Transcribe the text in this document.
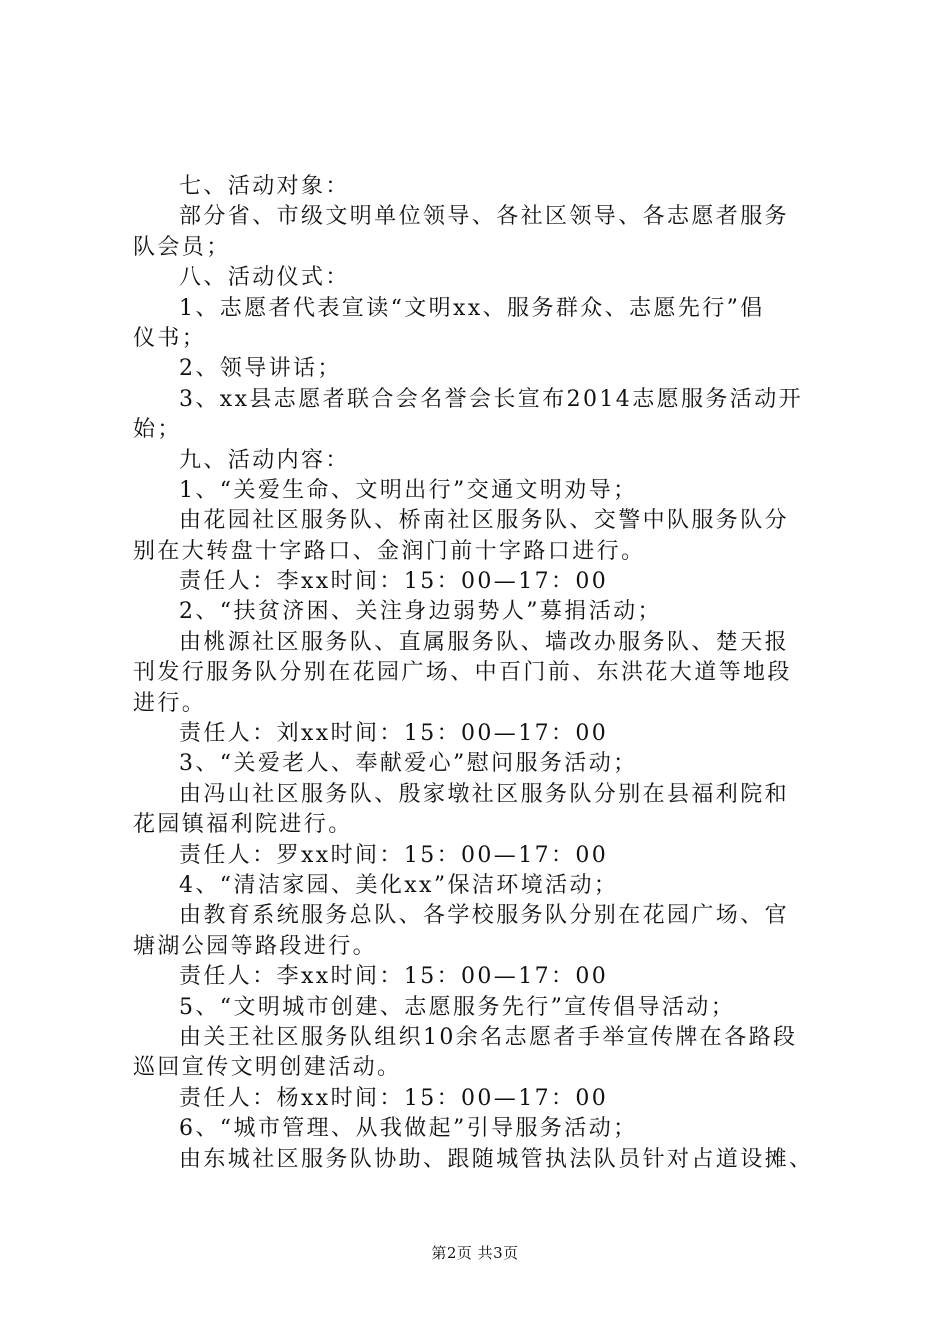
七、活动对象：
部分省、市级文明单位领导、各社区领导、各志愿者服务
队会员；
八、活动仪式：
1、志愿者代表宣读“文明xx、服务群众、志愿先行”倡
仪书；
2、领导讲话；
3、xx县志愿者联合会名誉会长宣布2014志愿服务活动开
始；
九、活动内容：
1、“关爱生命、文明出行”交通文明劝导；
由花园社区服务队、桥南社区服务队、交警中队服务队分
别在大转盘十字路口、金润门前十字路口进行。
责任人：李xx时间：15：00—17：00
2、“扶贫济困、关注身边弱势人”募捐活动；
由桃源社区服务队、直属服务队、墙改办服务队、楚天报
刊发行服务队分别在花园广场、中百门前、东洪花大道等地段
进行。
责任人：刘xx时间：15：00—17：00
3、“关爱老人、奉献爱心”慰问服务活动；
由冯山社区服务队、殷家墩社区服务队分别在县福利院和
花园镇福利院进行。
责任人：罗xx时间：15：00—17：00
4、“清洁家园、美化xx”保洁环境活动；
由教育系统服务总队、各学校服务队分别在花园广场、官
塘湖公园等路段进行。
责任人：李xx时间：15：00—17：00
5、“文明城市创建、志愿服务先行”宣传倡导活动；
由关王社区服务队组织10余名志愿者手举宣传牌在各路段
巡回宣传文明创建活动。
责任人：杨xx时间：15：00—17：00
6、“城市管理、从我做起”引导服务活动；
由东城社区服务队协助、跟随城管执法队员针对占道设摊、
第2页 共3页
